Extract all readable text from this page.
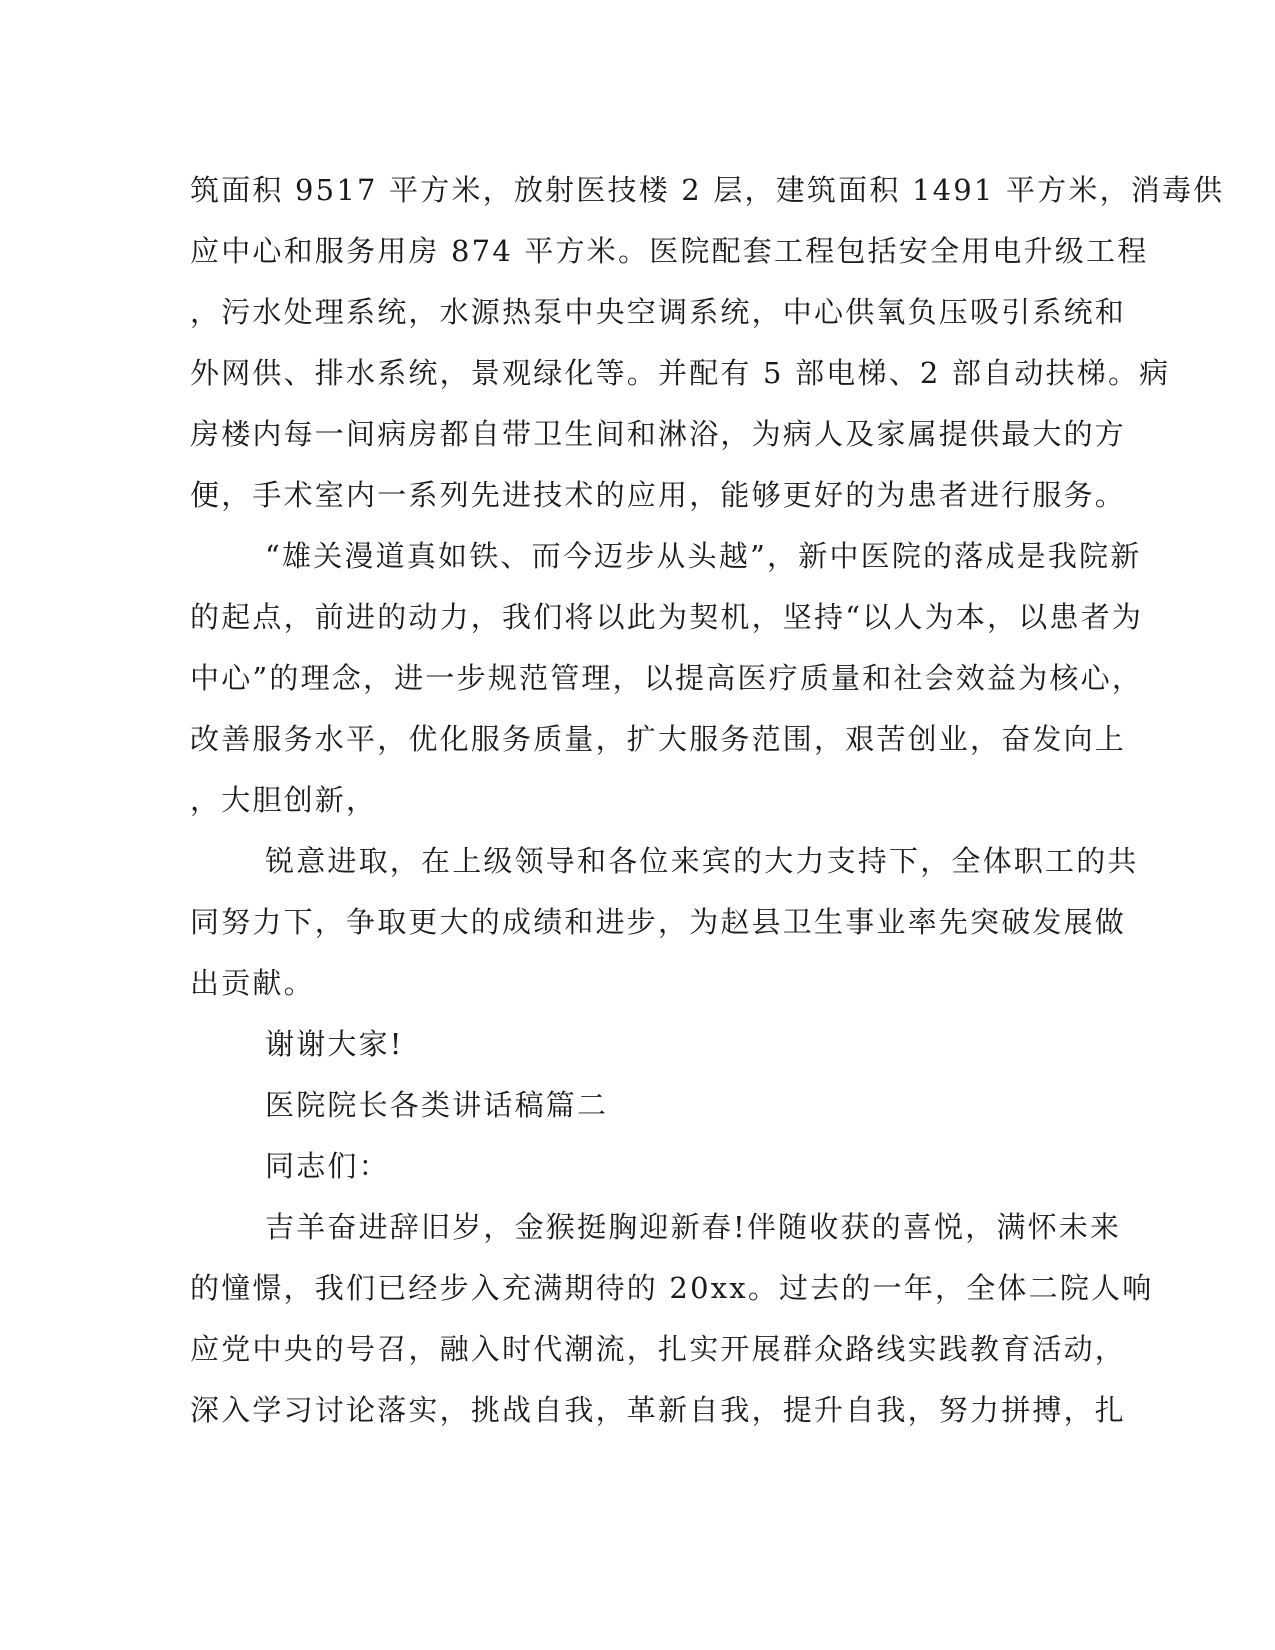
筑面积 9517 平方米，放射医技楼 2 层，建筑面积 1491 平方米，消毒供
应中心和服务用房 874 平方米。医院配套工程包括安全用电升级工程
，污水处理系统，水源热泵中央空调系统，中心供氧负压吸引系统和
外网供、排水系统，景观绿化等。并配有 5 部电梯、2 部自动扶梯。病
房楼内每一间病房都自带卫生间和淋浴，为病人及家属提供最大的方
便，手术室内一系列先进技术的应用，能够更好的为患者进行服务。
“雄关漫道真如铁、而今迈步从头越”，新中医院的落成是我院新
的起点，前进的动力，我们将以此为契机，坚持“以人为本，以患者为
中心”的理念，进一步规范管理，以提高医疗质量和社会效益为核心，
改善服务水平，优化服务质量，扩大服务范围，艰苦创业，奋发向上
，大胆创新，
锐意进取，在上级领导和各位来宾的大力支持下，全体职工的共
同努力下，争取更大的成绩和进步，为赵县卫生事业率先突破发展做
出贡献。
谢谢大家!
医院院长各类讲话稿篇二
同志们：
吉羊奋进辞旧岁，金猴挺胸迎新春!伴随收获的喜悦，满怀未来
的憧憬，我们已经步入充满期待的 20xx。过去的一年，全体二院人响
应党中央的号召，融入时代潮流，扎实开展群众路线实践教育活动，
深入学习讨论落实，挑战自我，革新自我，提升自我，努力拼搏，扎
